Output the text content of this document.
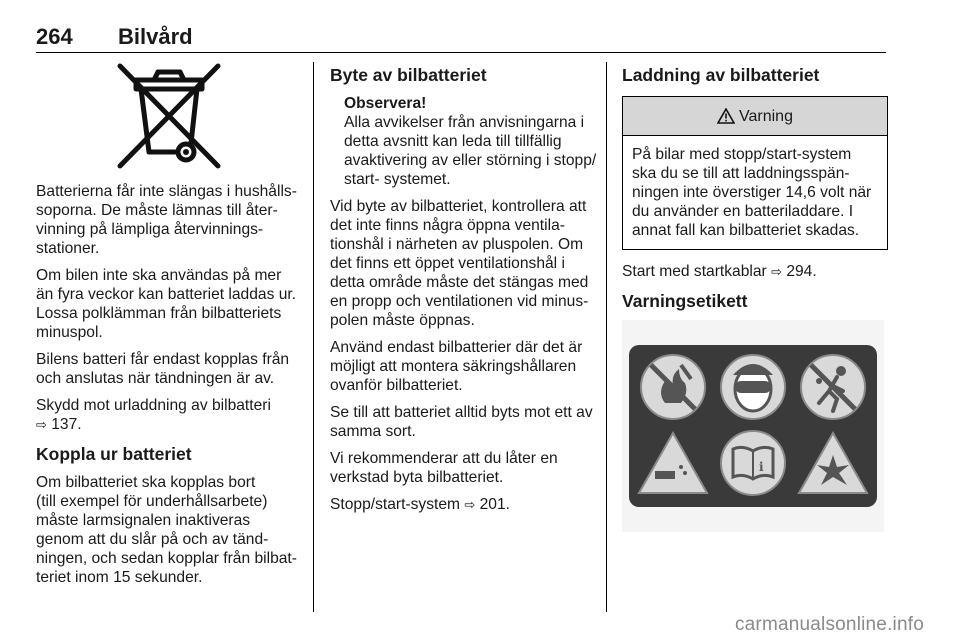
264 Bilvård

Batterierna får inte slängas i hushålls-
soporna. De måste lämnas till åter-
vinning på lämpliga återvinnings-
stationer.

Om bilen inte ska användas på mer
än fyra veckor kan batteriet laddas ur.
Lossa polklämman från bilbatteriets
minuspol.

Bilens batteri får endast kopplas från
och anslutas när tändningen är av.

Skydd mot urladdning av bilbatteri
⇨ 137.

Koppla ur batteriet

Om bilbatteriet ska kopplas bort
(till exempel för underhållsarbete)
måste larmsignalen inaktiveras
genom att du slår på och av tänd-
ningen, och sedan kopplar från bilbat-
teriet inom 15 sekunder.

Byte av bilbatteriet
Observera!
Alla avvikelser från anvisningarna i
detta avsnitt kan leda till tillfällig
avaktivering av eller störning i stopp/
start- systemet.

Vid byte av bilbatteriet, kontrollera att
det inte finns några öppna ventila-
tionshål i närheten av pluspolen. Om
det finns ett öppet ventilationshål i
detta område måste det stängas med
en propp och ventilationen vid minus-
polen måste öppnas.

Använd endast bilbatterier där det är
möjligt att montera säkringshållaren
ovanför bilbatteriet.

Se till att batteriet alltid byts mot ett av
samma sort.

Vi rekommenderar att du låter en
verkstad byta bilbatteriet.

Stopp/start-system ⇨ 201.

Laddning av bilbatteriet
Varning
På bilar med stopp/start-system
ska du se till att laddningsspän-
ningen inte överstiger 14,6 volt när
du använder en batteriladdare. I
annat fall kan bilbatteriet skadas.

Start med startkablar ⇨ 294.

Varningsetikett
i
carmanualsonline.info
